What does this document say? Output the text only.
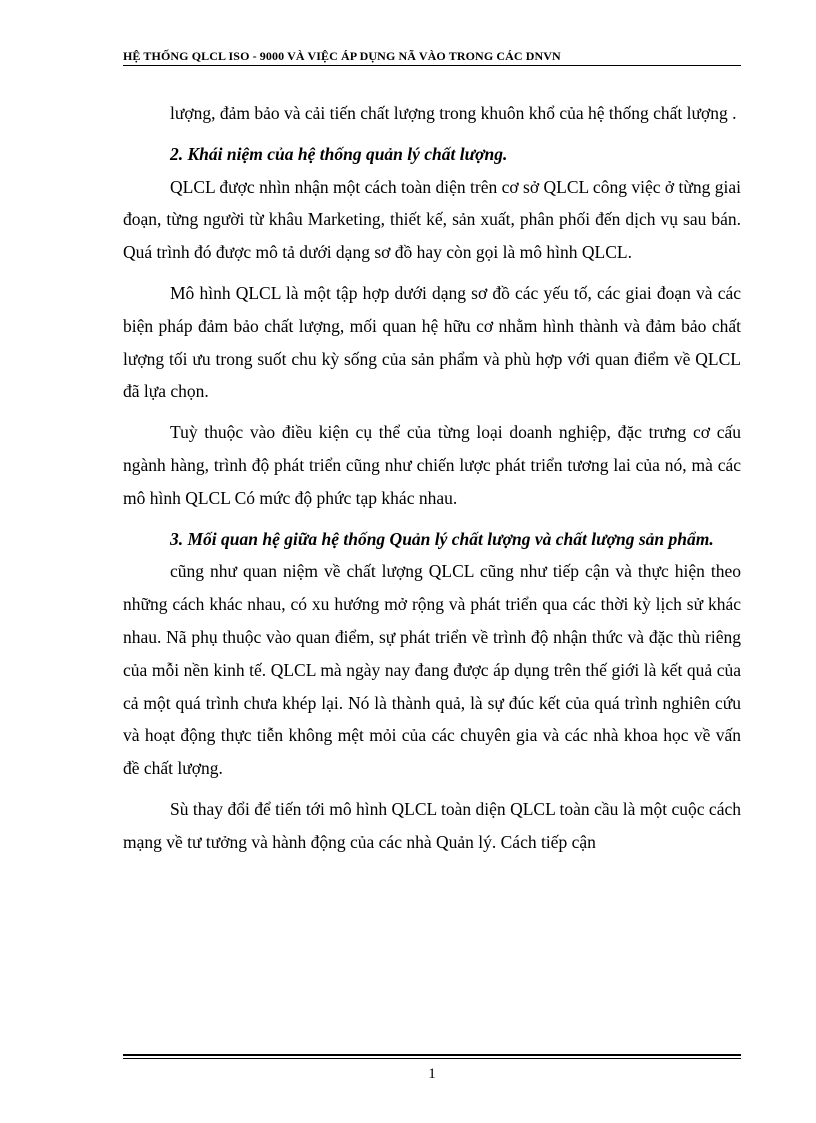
HỆ THỐNG QLCL ISO - 9000 VÀ VIỆC ÁP DỤNG NÃ VÀO TRONG CÁC DNVN

lượng, đảm bảo và cải tiến chất lượng trong khuôn khổ của hệ thống chất lượng .

2. Khái niệm của hệ thống quản lý chất lượng.

QLCL được nhìn nhận một cách toàn diện trên cơ sở QLCL công việc ở từng giai đoạn, từng người từ khâu Marketing, thiết kế, sản xuất, phân phối đến dịch vụ sau bán. Quá trình đó được mô tả dưới dạng sơ đồ hay còn gọi là mô hình QLCL.

Mô hình QLCL là một tập hợp dưới dạng sơ đồ các yếu tố, các giai đoạn và các biện pháp đảm bảo chất lượng, mối quan hệ hữu cơ nhằm hình thành và đảm bảo chất lượng tối ưu trong suốt chu kỳ sống của sản phẩm và phù hợp với quan điểm về QLCL đã lựa chọn.

Tuỳ thuộc vào điều kiện cụ thể của từng loại doanh nghiệp, đặc trưng cơ cấu ngành hàng, trình độ phát triển cũng như chiến lược phát triển tương lai của nó, mà các mô hình QLCL Có mức độ phức tạp khác nhau.

3. Mối quan hệ giữa hệ thống Quản lý chất lượng và chất lượng sản phẩm.

cũng như quan niệm về chất lượng QLCL cũng như tiếp cận và thực hiện theo những cách khác nhau, có xu hướng mở rộng và phát triển qua các thời kỳ lịch sử khác nhau. Nã phụ thuộc vào quan điểm, sự phát triển về trình độ nhận thức và đặc thù riêng của mỗi nền kinh tế. QLCL mà ngày nay đang được áp dụng trên thế giới là kết quả của cả một quá trình chưa khép lại. Nó là thành quả, là sự đúc kết của quá trình nghiên cứu và hoạt động thực tiễn không mệt mỏi của các chuyên gia và các nhà khoa học về vấn đề chất lượng.

Sù thay đổi để tiến tới mô hình QLCL toàn diện QLCL toàn cầu là một cuộc cách mạng về tư tưởng và hành động của các nhà Quản lý. Cách tiếp cận

1
